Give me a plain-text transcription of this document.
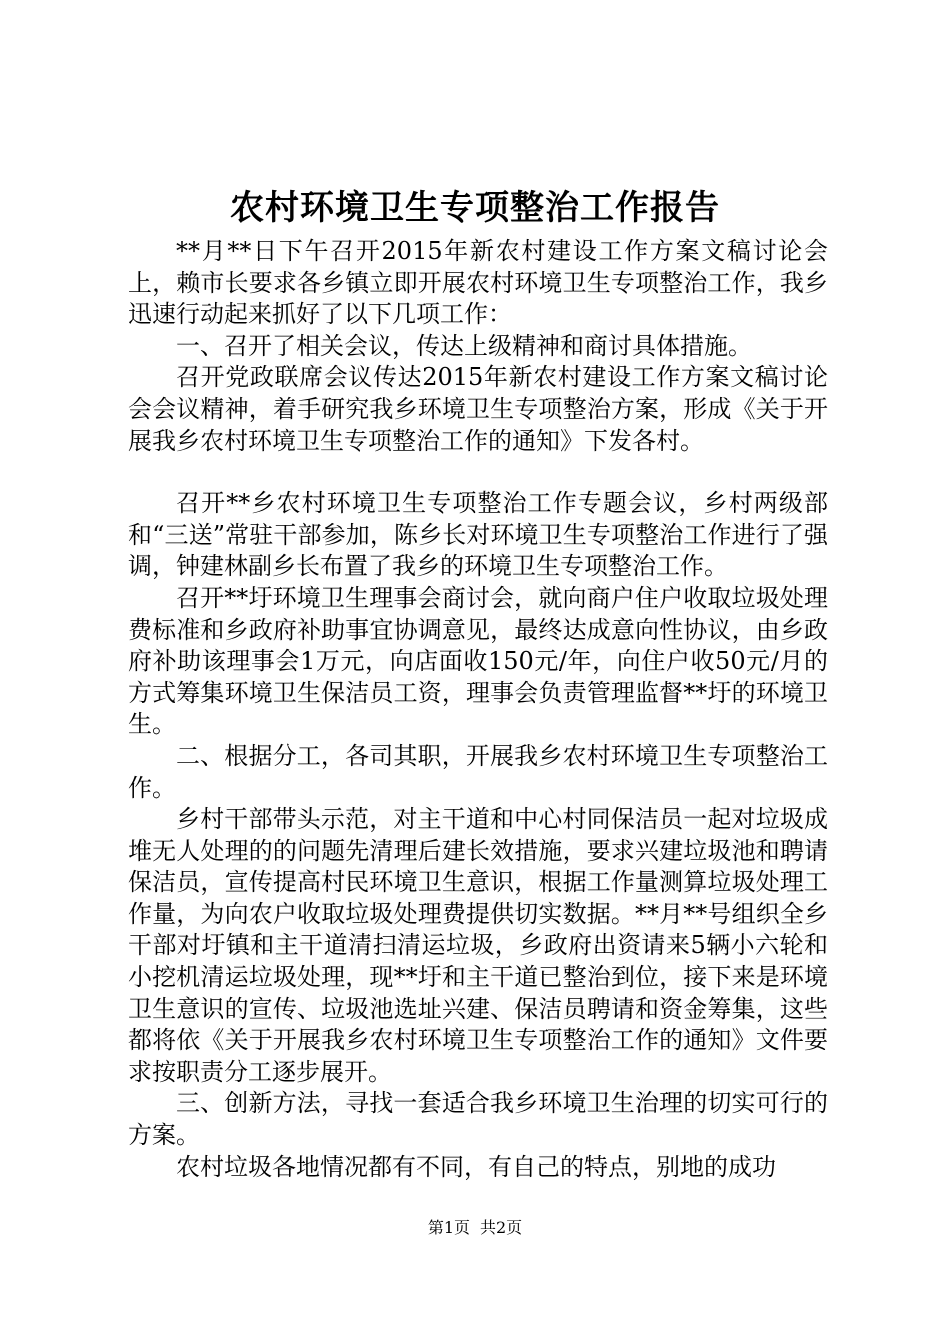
农村环境卫生专项整治工作报告

**月**日下午召开2015年新农村建设工作方案文稿讨论会上，赖市长要求各乡镇立即开展农村环境卫生专项整治工作，我乡迅速行动起来抓好了以下几项工作：

一、召开了相关会议，传达上级精神和商讨具体措施。

召开党政联席会议传达2015年新农村建设工作方案文稿讨论会会议精神，着手研究我乡环境卫生专项整治方案，形成《关于开展我乡农村环境卫生专项整治工作的通知》下发各村。

召开**乡农村环境卫生专项整治工作专题会议，乡村两级部和“三送”常驻干部参加，陈乡长对环境卫生专项整治工作进行了强调，钟建林副乡长布置了我乡的环境卫生专项整治工作。

召开**圩环境卫生理事会商讨会，就向商户住户收取垃圾处理费标准和乡政府补助事宜协调意见，最终达成意向性协议，由乡政府补助该理事会1万元，向店面收150元/年，向住户收50元/月的方式筹集环境卫生保洁员工资，理事会负责管理监督**圩的环境卫生。

二、根据分工，各司其职，开展我乡农村环境卫生专项整治工作。

乡村干部带头示范，对主干道和中心村同保洁员一起对垃圾成堆无人处理的的问题先清理后建长效措施，要求兴建垃圾池和聘请保洁员，宣传提高村民环境卫生意识，根据工作量测算垃圾处理工作量，为向农户收取垃圾处理费提供切实数据。**月**号组织全乡干部对圩镇和主干道清扫清运垃圾，乡政府出资请来5辆小六轮和小挖机清运垃圾处理，现**圩和主干道已整治到位，接下来是环境卫生意识的宣传、垃圾池选址兴建、保洁员聘请和资金筹集，这些都将依《关于开展我乡农村环境卫生专项整治工作的通知》文件要求按职责分工逐步展开。

三、创新方法，寻找一套适合我乡环境卫生治理的切实可行的方案。

农村垃圾各地情况都有不同，有自己的特点，别地的成功

第1页 共2页
